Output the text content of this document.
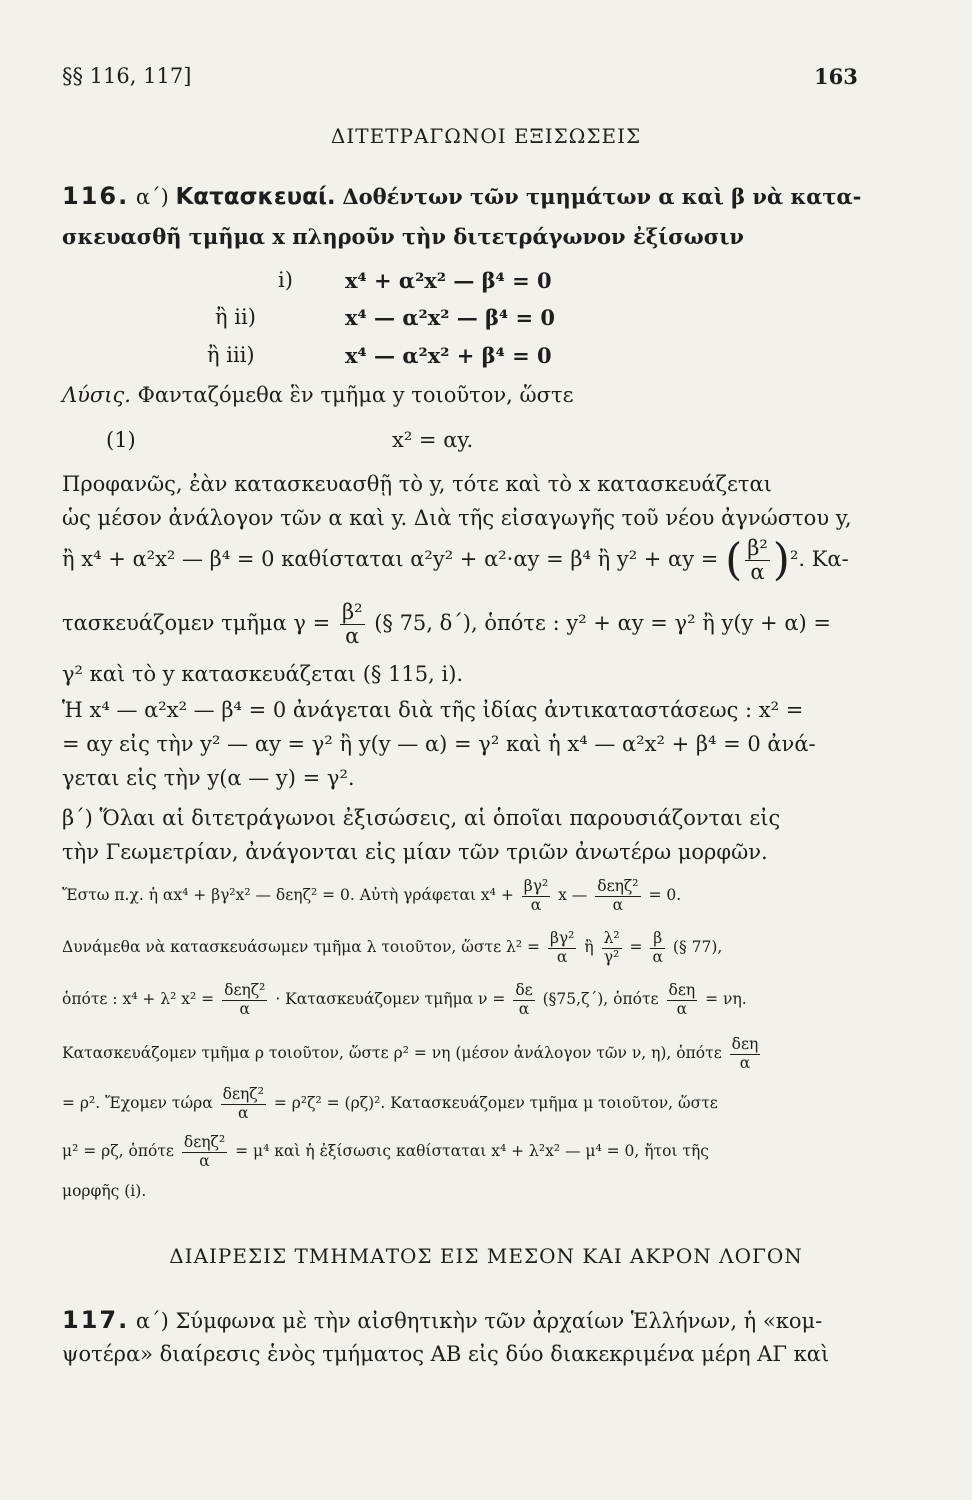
§§ 116, 117]	163
ΔΙΤΕΤΡΑΓΩΝΟΙ ΕΞΙΣΩΣΕΙΣ
116. α΄) Κατασκευαί. Δοθέντων τῶν τμημάτων α καὶ β νὰ κατα-
σκευασθῆ τμῆμα x πληροῦν τὴν διτετράγωνον ἐξίσωσιν
i) x⁴ + α²x² — β⁴ = 0
ἢ ii)	x⁴ — α²x² — β⁴ = 0
ἢ iii)	x⁴ — α²x² + β⁴ = 0
Λύσις. Φανταζόμεθα ἓν τμῆμα y τοιοῦτον, ὥστε
(1)	x² = αy.
Προφανῶς, ἐὰν κατασκευασθῇ τὸ y, τότε καὶ τὸ x κατασκευάζεται
ὡς μέσον ἀνάλογον τῶν α καὶ y. Διὰ τῆς εἰσαγωγῆς τοῦ νέου ἀγνώστου y,
ἢ x⁴ + α²x² — β⁴ = 0 καθίσταται α²y² + α²·αy = β⁴ ἢ y² + αy = ( $\frac{\text{β²}}{\alpha} )^2$. Κα-
τασκευάζομεν τμῆμα $\gamma = \frac{\text{β²}}{\alpha}$ (§ 75, δ΄), ὁπότε : y² + αy = γ² ἢ y(y + α) =
γ² καὶ τὸ y κατασκευάζεται (§ 115, i).
Ἡ x⁴ — α²x² — β⁴ = 0 ἀνάγεται διὰ τῆς ἰδίας ἀντικαταστάσεως : x² =
= αy εἰς τὴν y² — αy = γ² ἢ y(y — α) = γ² καὶ ἡ x⁴ — α²x² + β⁴ = 0 ἀνά-
γεται εἰς τὴν y(α — y) = γ².
β΄) Ὅλαι αἱ διτετράγωνοι ἐξισώσεις, αἱ ὁποῖαι παρουσιάζονται εἰς
τὴν Γεωμετρίαν, ἀνάγονται εἰς μίαν τῶν τριῶν ἀνωτέρω μορφῶν.
Ἔστω π.χ. ἡ αx⁴ + βγ²x² — δεηζ² = 0. Αὐτὴ γράφεται $x^4 + \frac{\text{βγ²}}{\alpha}$ x — $\frac{\text{δεηζ²}}{\alpha} = 0$.
Δυνάμεθα νὰ κατασκευάσωμεν τμῆμα λ τοιοῦτον, ὥστε $\lambda^2 = \frac{\text{βγ²}}{\alpha}$ ἢ $\frac{\text{λ²}}{\text{γ²}} = \frac{\beta}{\alpha}$ (§ 77),
ὁπότε : x⁴ + λ² $x^2 = \frac{\text{δεηζ²}}{\alpha} \cdot K\alpha\tau\alpha\sigma\kappa\varepsilon\upsilon ά\zeta o\mu\varepsilon\nu$ τμῆμα $\nu = \frac{\delta\varepsilon}{\alpha}$ (§75,ζ΄), ὁπότε $\frac{\text{δεη}}{\alpha} = \nu\eta$.
Κατασκευάζομεν τμῆμα ρ τοιοῦτον, ὥστε ρ² = νη (μέσον ἀνάλογον τῶν ν, η), ὁπότε $\frac{\text{δεη}}{\alpha}$
= ρ². Ἔχομεν τώρα $\frac{\text{δεηζ²}}{\alpha} = \rho^2\zeta^2 = (\rho\zeta)^2$. Κατασκευάζομεν τμῆμα μ τοιοῦτον, ὥστε
μ² = ρζ, ὁπότε $\frac{\text{δεηζ²}}{\alpha} = \mu^4$ καὶ ἡ ἐξίσωσις καθίσταται x⁴ + λ²x² — μ⁴ = 0, ἤτοι τῆς
μορφῆς (i).
ΔΙΑΙΡΕΣΙΣ ΤΜΗΜΑΤΟΣ ΕΙΣ ΜΕΣΟΝ ΚΑΙ ΑΚΡΟΝ ΛΟΓΟΝ
117. α΄) Σύμφωνα μὲ τὴν αἰσθητικὴν τῶν ἀρχαίων Ἑλλήνων, ἡ «κομ-
ψοτέρα» διαίρεσις ἑνὸς τμήματος ΑΒ εἰς δύο διακεκριμένα μέρη ΑΓ καὶ
